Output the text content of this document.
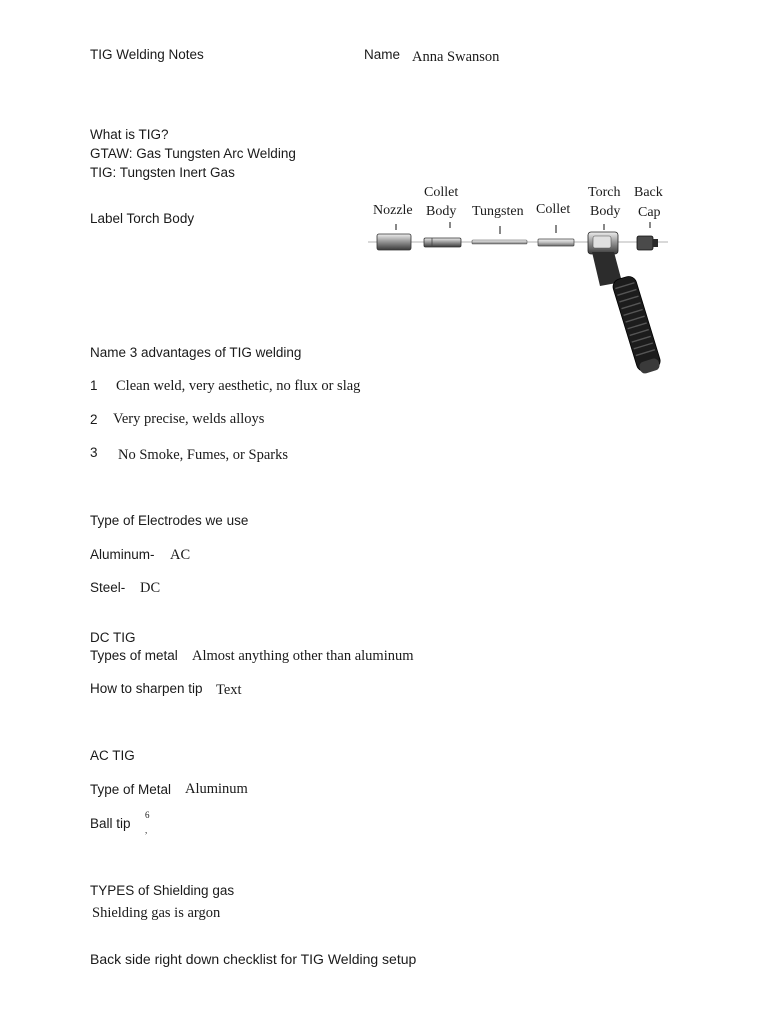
TIG Welding Notes	Name Anna Swanson
What is TIG?
GTAW: Gas Tungsten Arc Welding
TIG: Tungsten Inert Gas
Label Torch Body
Nozzle
Collet
Body Tungsten Collet
Torch
Body
Back
Cap
Name 3 advantages of TIG welding
1 Clean weld, very aesthetic, no flux or slag
2 Very precise, welds alloys
3 No Smoke, Fumes, or Sparks
Type of Electrodes we use
Aluminum- AC
Steel- DC
DC TIG
Types of metal Almost anything other than aluminum
How to sharpen tip Text
AC TIG
Type of Metal Aluminum
Ball tip
6
,
TYPES of Shielding gas
Shielding gas is argon
Back side right down checklist for TIG Welding setup
